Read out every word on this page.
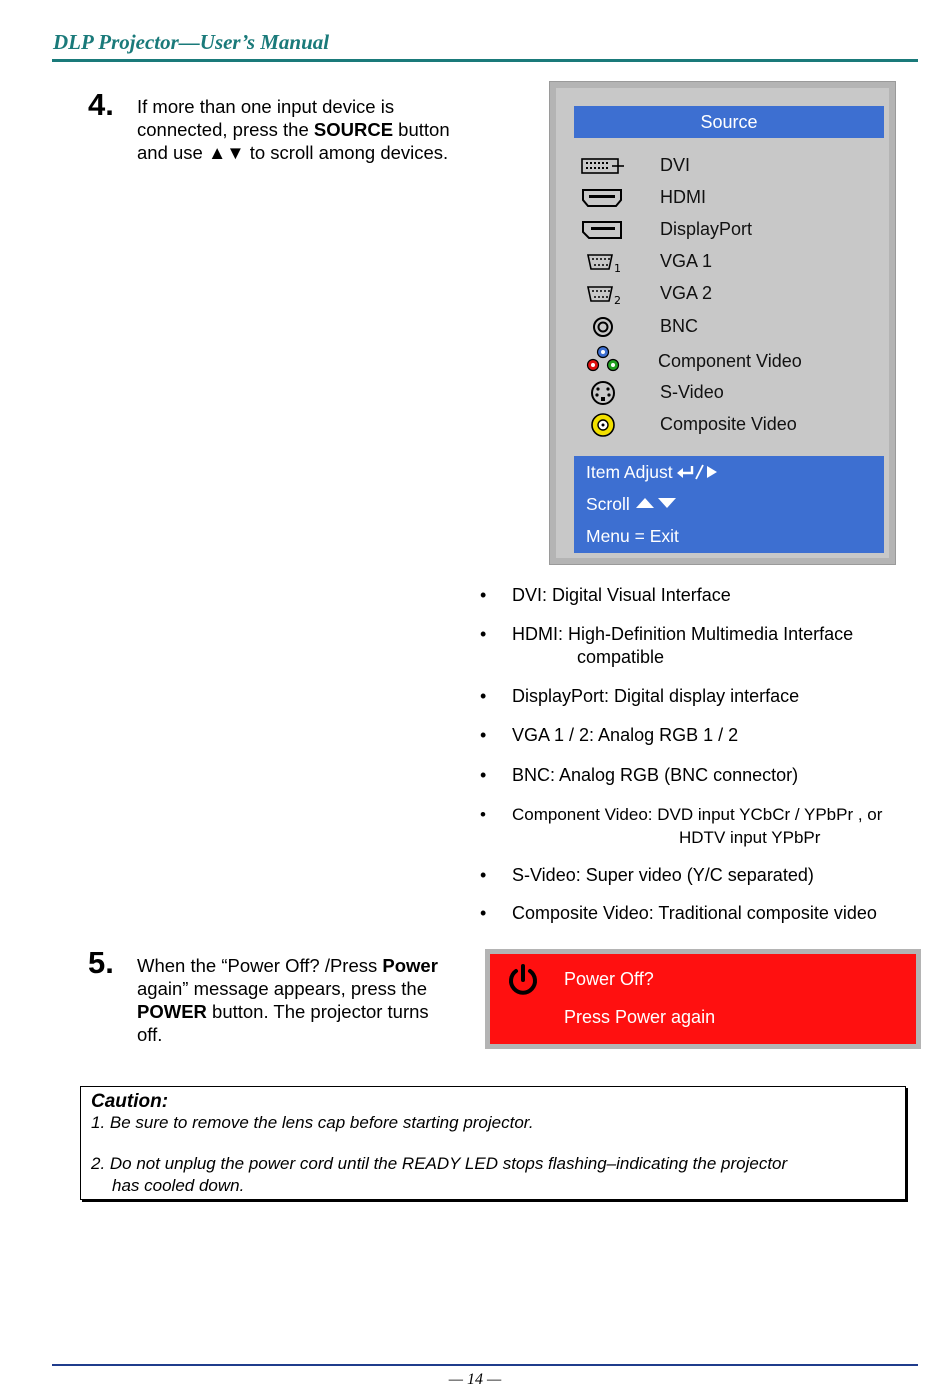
DLP Projector—User’s Manual
4. If more than one input device is connected, press the SOURCE button and use ▲▼ to scroll among devices.
Source
DVI
HDMI
DisplayPort
1 VGA 1
2 VGA 2
BNC
Component Video
S-Video
Composite Video
Item Adjust
Scroll
Menu = Exit
• DVI: Digital Visual Interface
• HDMI: High-Definition Multimedia Interface
compatible
• DisplayPort: Digital display interface
• VGA 1 / 2: Analog RGB 1 / 2
• BNC: Analog RGB (BNC connector)
• Component Video: DVD input YCbCr / YPbPr , or
HDTV input YPbPr
• S-Video: Super video (Y/C separated)
• Composite Video: Traditional composite video
5. When the “Power Off? /Press Power again” message appears, press the POWER button. The projector turns off.
Power Off?
Press Power again
Caution:
1. Be sure to remove the lens cap before starting projector.
2. Do not unplug the power cord until the READY LED stops flashing–indicating the projector
has cooled down.
— 14 —
